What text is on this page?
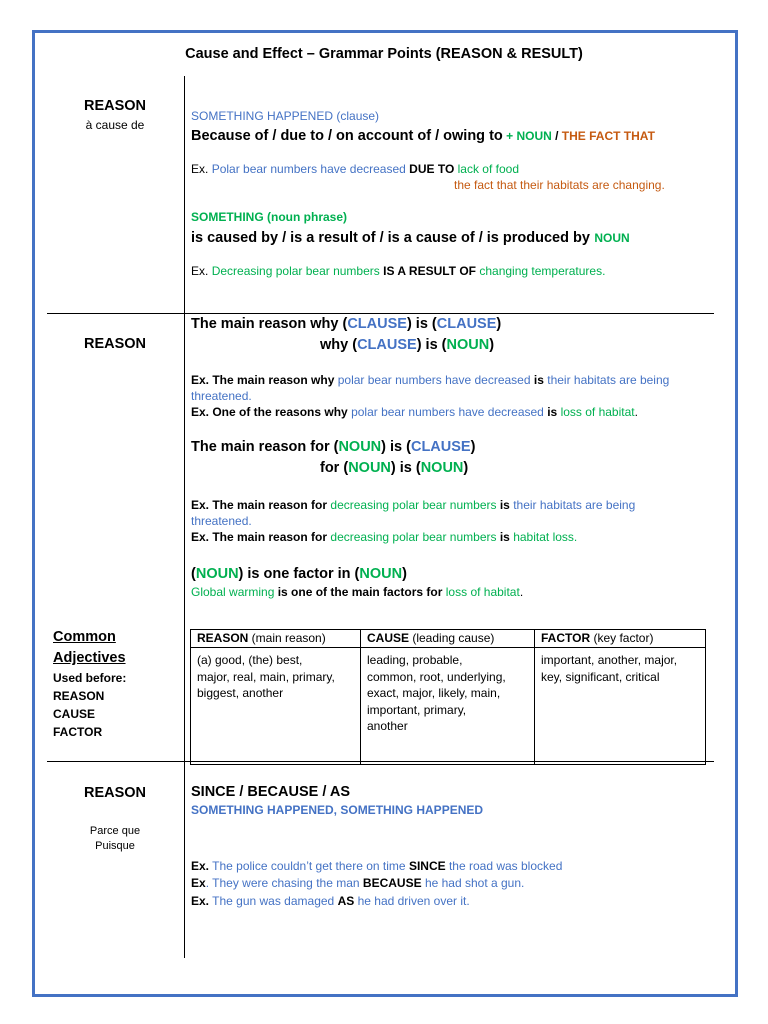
Cause and Effect – Grammar Points (REASON & RESULT)
REASON
à cause de
SOMETHING HAPPENED (clause)
Because of / due to / on account of / owing to + NOUN / THE FACT THAT
Ex. Polar bear numbers have decreased DUE TO lack of food
the fact that their habitats are changing.
SOMETHING (noun phrase)
is caused by / is a result of / is a cause of / is produced by NOUN
Ex. Decreasing polar bear numbers IS A RESULT OF changing temperatures.
REASON
The main reason why (CLAUSE) is (CLAUSE)
why (CLAUSE) is (NOUN)
Ex. The main reason why polar bear numbers have decreased is their habitats are being
threatened.
Ex. One of the reasons why polar bear numbers have decreased is loss of habitat.
The main reason for (NOUN) is (CLAUSE)
for (NOUN) is (NOUN)
Ex. The main reason for decreasing polar bear numbers is their habitats are being
threatened.
Ex. The main reason for decreasing polar bear numbers is habitat loss.
(NOUN) is one factor in (NOUN)
Global warming is one of the main factors for loss of habitat.
Common
Adjectives
Used before:
REASON
CAUSE
FACTOR
REASON (main reason)	CAUSE (leading cause)	FACTOR (key factor)

(a) good, (the) best,
major, real, main, primary,
biggest, another	leading, probable,
common, root, underlying,
exact, major, likely, main,
important, primary,
another	important, another, major,
key, significant, critical
REASON
Parce que
Puisque
SINCE / BECAUSE / AS
SOMETHING HAPPENED, SOMETHING HAPPENED
Ex. The police couldn’t get there on time SINCE the road was blocked
Ex. They were chasing the man BECAUSE he had shot a gun.
Ex. The gun was damaged AS he had driven over it.
